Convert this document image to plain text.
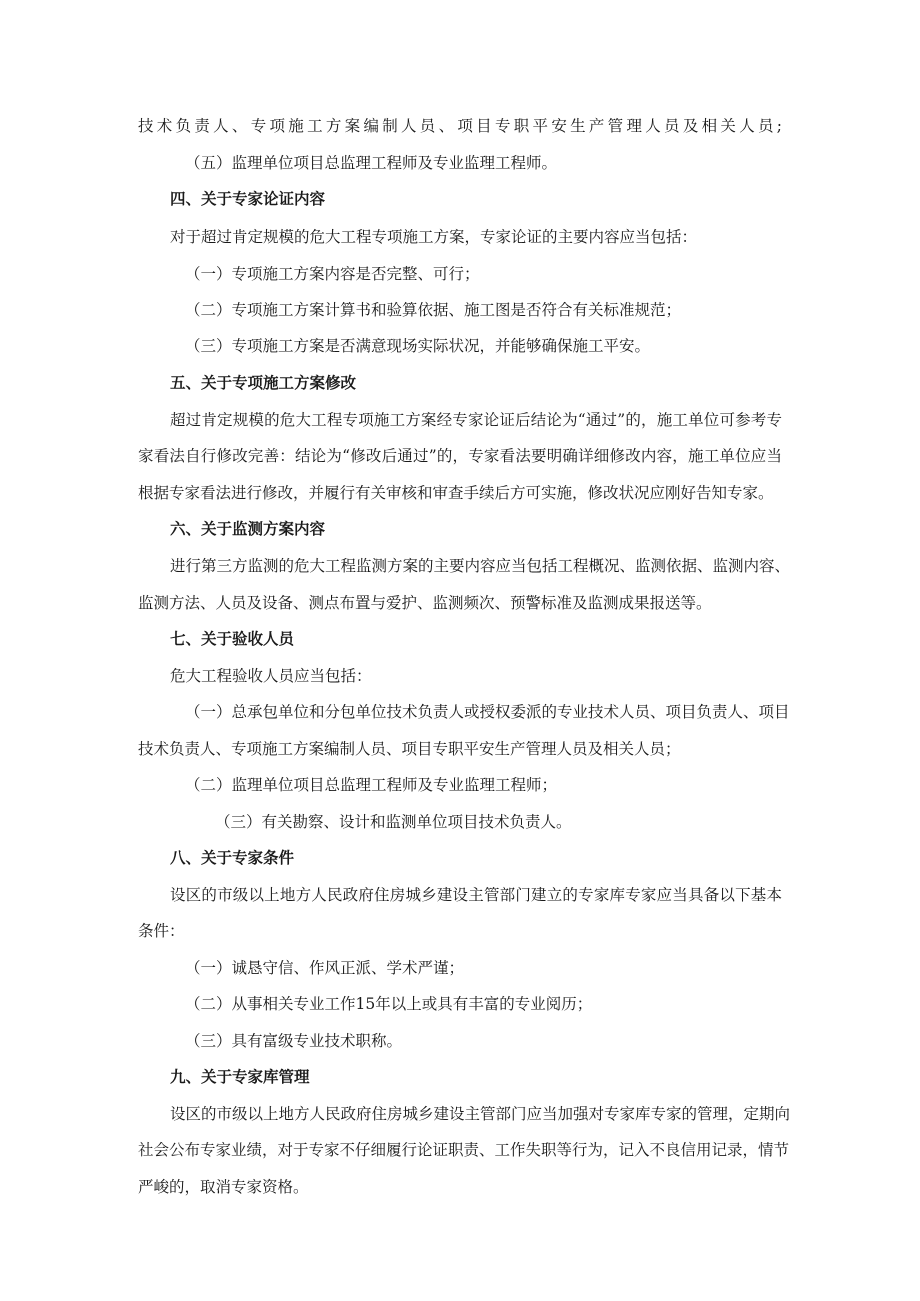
技术负责人、专项施工方案编制人员、项目专职平安生产管理人员及相关人员;
（五）监理单位项目总监理工程师及专业监理工程师。
四、关于专家论证内容
对于超过肯定规模的危大工程专项施工方案，专家论证的主要内容应当包括：
（一）专项施工方案内容是否完整、可行；
（二）专项施工方案计算书和验算依据、施工图是否符合有关标准规范；
（三）专项施工方案是否满意现场实际状况，并能够确保施工平安。
五、关于专项施工方案修改
超过肯定规模的危大工程专项施工方案经专家论证后结论为“通过”的，施工单位可参考专
家看法自行修改完善：结论为“修改后通过”的，专家看法要明确详细修改内容，施工单位应当
根据专家看法进行修改，并履行有关审核和审查手续后方可实施，修改状况应刚好告知专家。
六、关于监测方案内容
进行第三方监测的危大工程监测方案的主要内容应当包括工程概况、监测依据、监测内容、
监测方法、人员及设备、测点布置与爱护、监测频次、预警标准及监测成果报送等。
七、关于验收人员
危大工程验收人员应当包括：
（一）总承包单位和分包单位技术负责人或授权委派的专业技术人员、项目负责人、项目
技术负责人、专项施工方案编制人员、项目专职平安生产管理人员及相关人员；
（二）监理单位项目总监理工程师及专业监理工程师；
（三）有关勘察、设计和监测单位项目技术负责人。
八、关于专家条件
设区的市级以上地方人民政府住房城乡建设主管部门建立的专家库专家应当具备以下基本
条件：
（一）诚恳守信、作风正派、学术严谨；
（二）从事相关专业工作15年以上或具有丰富的专业阅历；
（三）具有富级专业技术职称。
九、关于专家库管理
设区的市级以上地方人民政府住房城乡建设主管部门应当加强对专家库专家的管理，定期向
社会公布专家业绩，对于专家不仔细履行论证职责、工作失职等行为，记入不良信用记录，情节
严峻的，取消专家资格。
